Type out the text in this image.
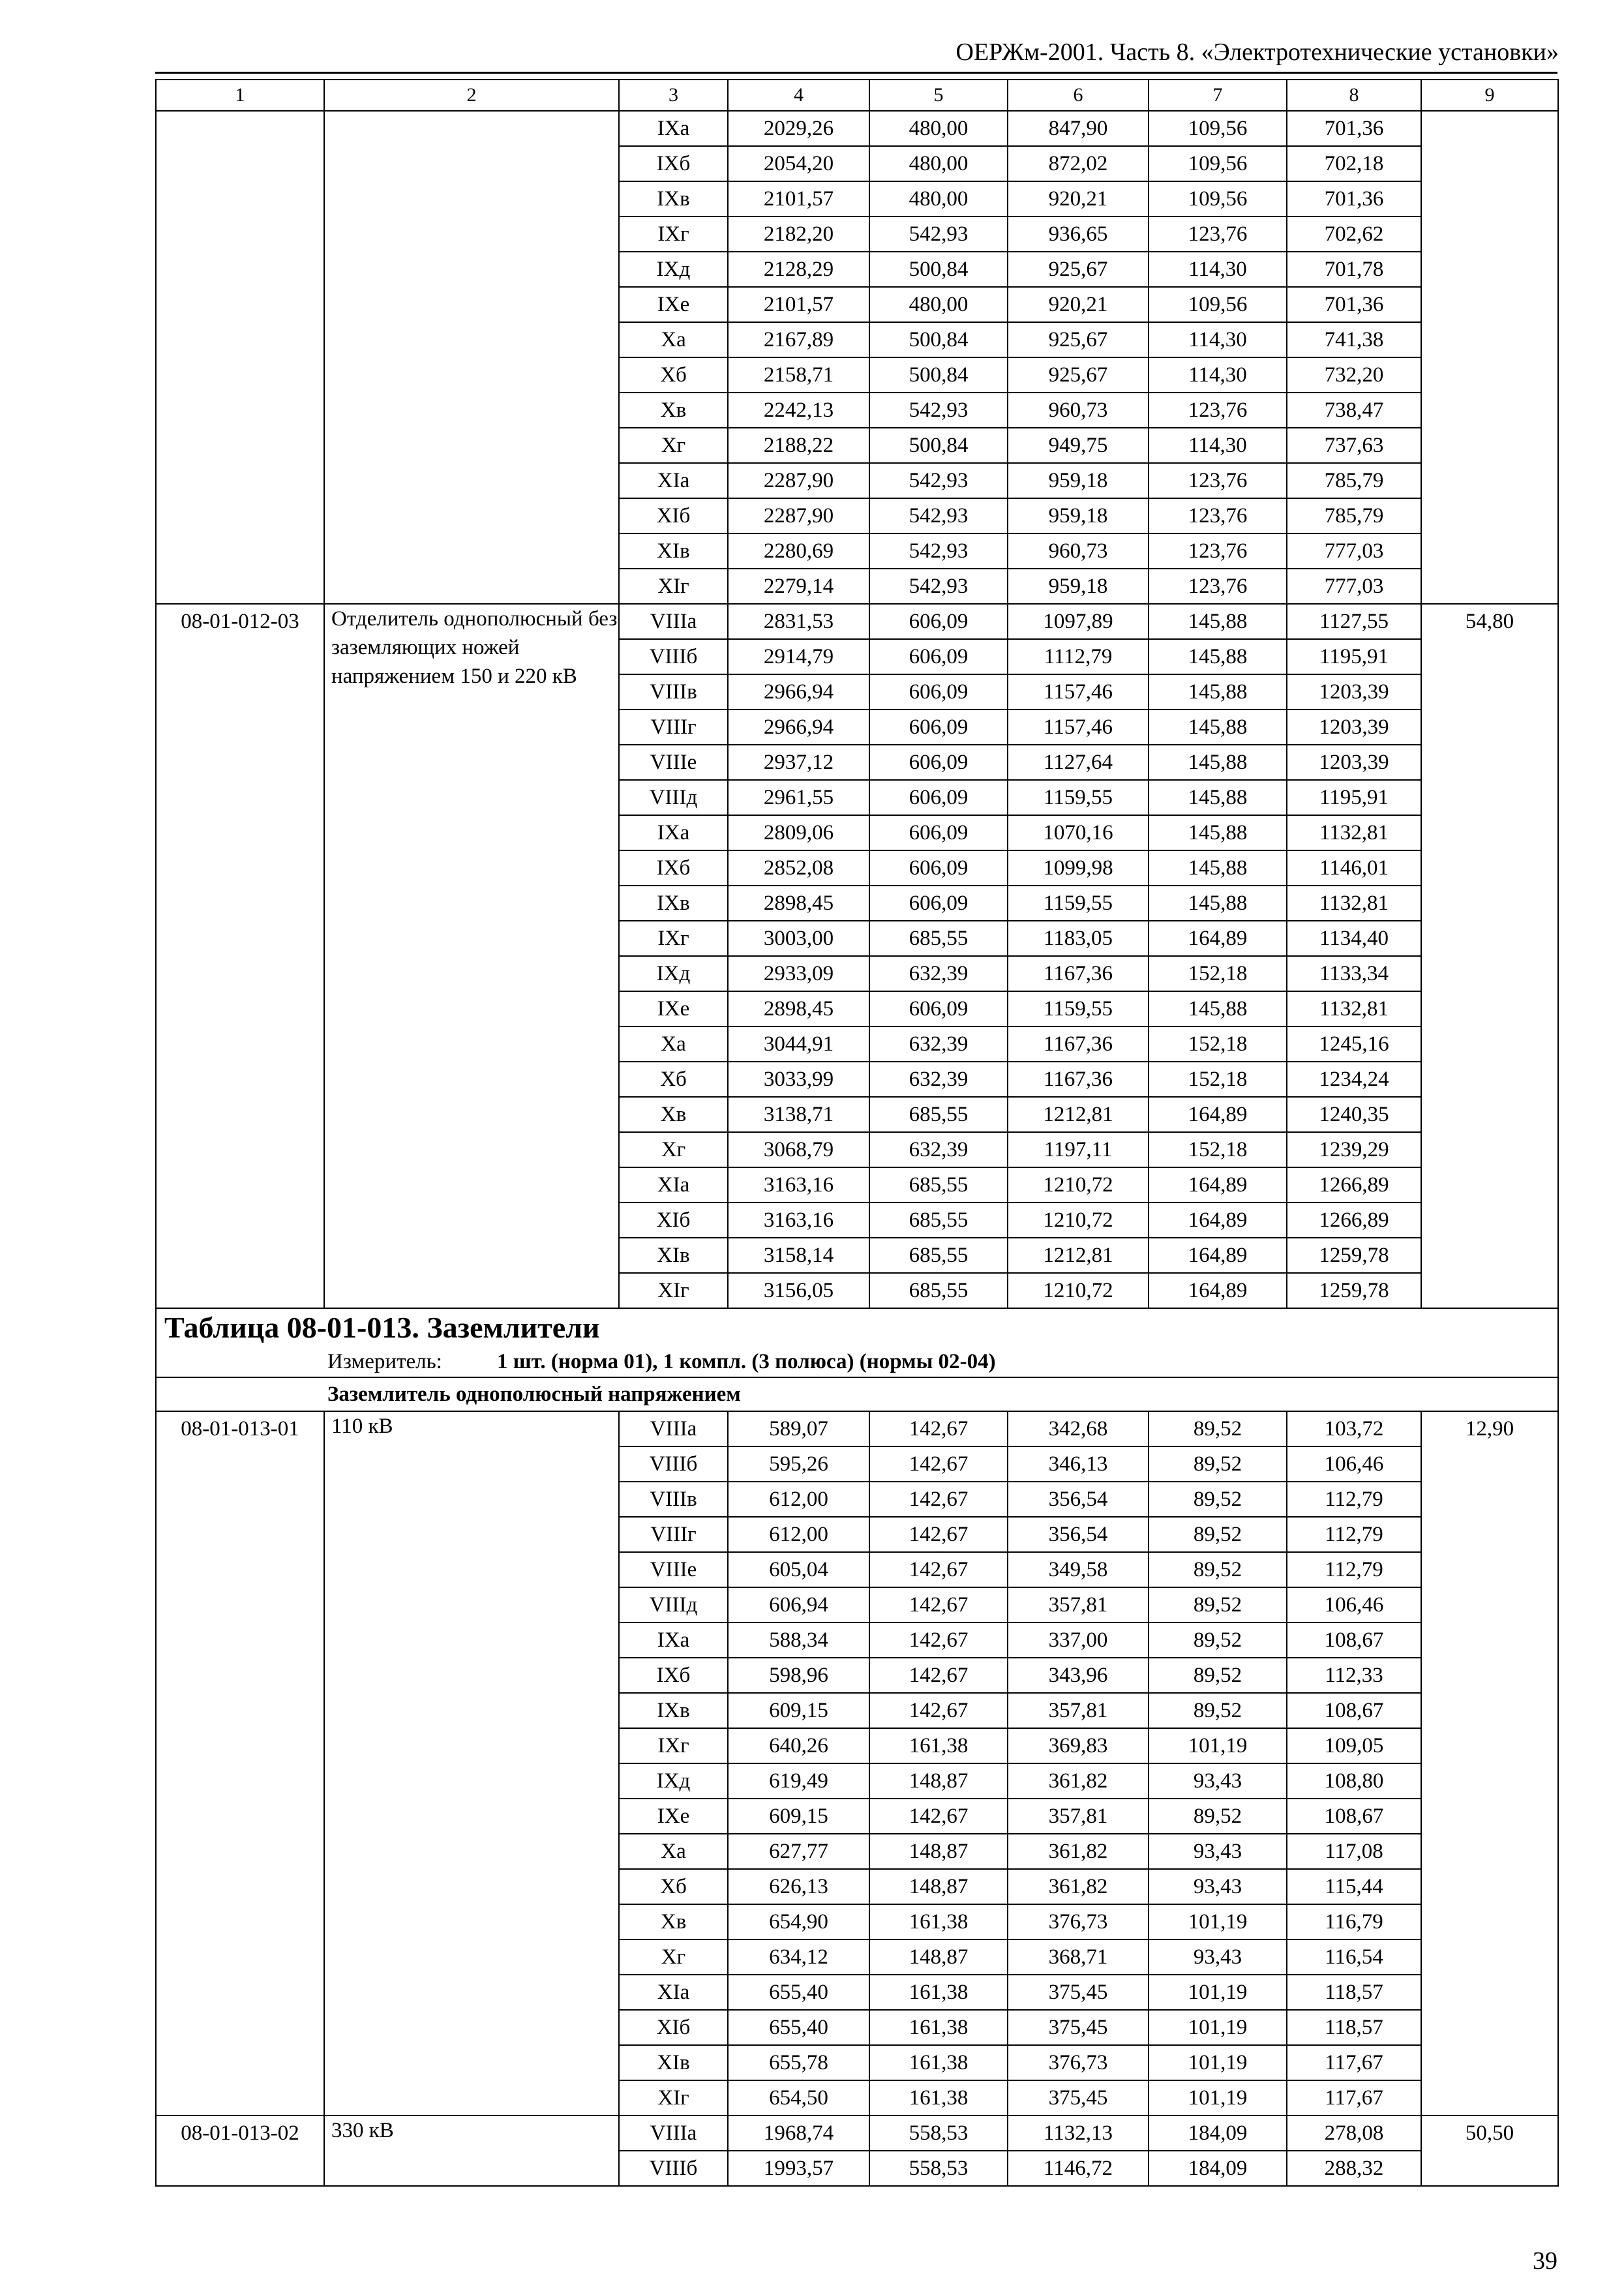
ОЕРЖм-2001. Часть 8. «Электротехнические установки»
1	2	3	4	5	6	7	8	9
		IXа	2029,26	480,00	847,90	109,56	701,36	
		IXб	2054,20	480,00	872,02	109,56	702,18	
		IXв	2101,57	480,00	920,21	109,56	701,36	
		IXг	2182,20	542,93	936,65	123,76	702,62	
		IXд	2128,29	500,84	925,67	114,30	701,78	
		IXе	2101,57	480,00	920,21	109,56	701,36	
		Xа	2167,89	500,84	925,67	114,30	741,38	
		Xб	2158,71	500,84	925,67	114,30	732,20	
		Xв	2242,13	542,93	960,73	123,76	738,47	
		Xг	2188,22	500,84	949,75	114,30	737,63	
		XIа	2287,90	542,93	959,18	123,76	785,79	
		XIб	2287,90	542,93	959,18	123,76	785,79	
		XIв	2280,69	542,93	960,73	123,76	777,03	
		XIг	2279,14	542,93	959,18	123,76	777,03	
08-01-012-03	Отделитель однополюсный без заземляющих ножей напряжением 150 и 220 кВ	VIIIа	2831,53	606,09	1097,89	145,88	1127,55	54,80
		VIIIб	2914,79	606,09	1112,79	145,88	1195,91	
		VIIIв	2966,94	606,09	1157,46	145,88	1203,39	
		VIIIг	2966,94	606,09	1157,46	145,88	1203,39	
		VIIIе	2937,12	606,09	1127,64	145,88	1203,39	
		VIIIд	2961,55	606,09	1159,55	145,88	1195,91	
		IXа	2809,06	606,09	1070,16	145,88	1132,81	
		IXб	2852,08	606,09	1099,98	145,88	1146,01	
		IXв	2898,45	606,09	1159,55	145,88	1132,81	
		IXг	3003,00	685,55	1183,05	164,89	1134,40	
		IXд	2933,09	632,39	1167,36	152,18	1133,34	
		IXе	2898,45	606,09	1159,55	145,88	1132,81	
		Xа	3044,91	632,39	1167,36	152,18	1245,16	
		Xб	3033,99	632,39	1167,36	152,18	1234,24	
		Xв	3138,71	685,55	1212,81	164,89	1240,35	
		Xг	3068,79	632,39	1197,11	152,18	1239,29	
		XIа	3163,16	685,55	1210,72	164,89	1266,89	
		XIб	3163,16	685,55	1210,72	164,89	1266,89	
		XIв	3158,14	685,55	1212,81	164,89	1259,78	
		XIг	3156,05	685,55	1210,72	164,89	1259,78	
Таблица 08-01-013. Заземлители								
Измеритель: 1 шт. (норма 01), 1 компл. (3 полюса) (нормы 02-04)								
Заземлитель однополюсный напряжением								
08-01-013-01	110 кВ	VIIIа	589,07	142,67	342,68	89,52	103,72	12,90
		VIIIб	595,26	142,67	346,13	89,52	106,46	
		VIIIв	612,00	142,67	356,54	89,52	112,79	
		VIIIг	612,00	142,67	356,54	89,52	112,79	
		VIIIе	605,04	142,67	349,58	89,52	112,79	
		VIIIд	606,94	142,67	357,81	89,52	106,46	
		IXа	588,34	142,67	337,00	89,52	108,67	
		IXб	598,96	142,67	343,96	89,52	112,33	
		IXв	609,15	142,67	357,81	89,52	108,67	
		IXг	640,26	161,38	369,83	101,19	109,05	
		IXд	619,49	148,87	361,82	93,43	108,80	
		IXе	609,15	142,67	357,81	89,52	108,67	
		Xа	627,77	148,87	361,82	93,43	117,08	
		Xб	626,13	148,87	361,82	93,43	115,44	
		Xв	654,90	161,38	376,73	101,19	116,79	
		Xг	634,12	148,87	368,71	93,43	116,54	
		XIа	655,40	161,38	375,45	101,19	118,57	
		XIб	655,40	161,38	375,45	101,19	118,57	
		XIв	655,78	161,38	376,73	101,19	117,67	
		XIг	654,50	161,38	375,45	101,19	117,67	
08-01-013-02	330 кВ	VIIIа	1968,74	558,53	1132,13	184,09	278,08	50,50
		VIIIб	1993,57	558,53	1146,72	184,09	288,32	
39
